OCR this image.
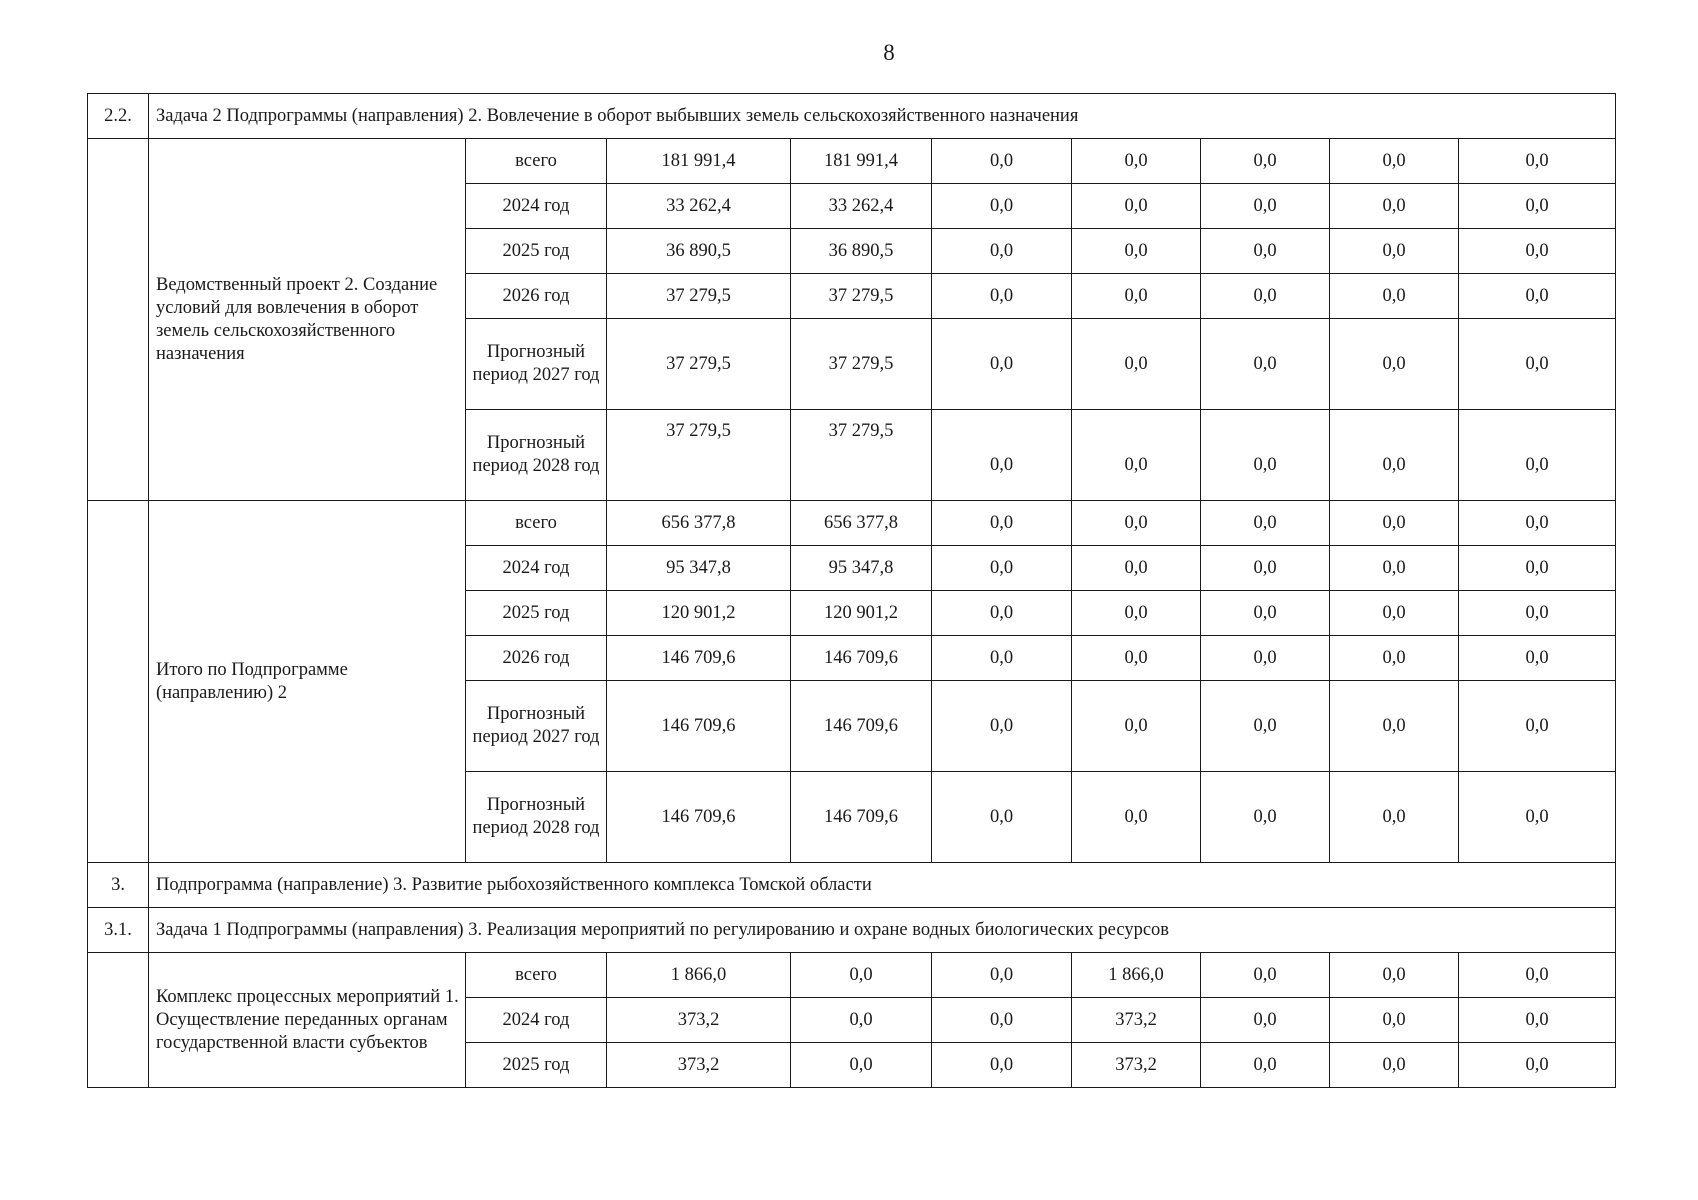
8
2.2.	Задача 2 Подпрограммы (направления) 2. Вовлечение в оборот выбывших земель сельскохозяйственного назначения								
	Ведомственный проект 2. Создание условий для вовлечения в оборот земель сельскохозяйственного назначения	всего	181 991,4	181 991,4	0,0	0,0	0,0	0,0	0,0
		2024 год	33 262,4	33 262,4	0,0	0,0	0,0	0,0	0,0
		2025 год	36 890,5	36 890,5	0,0	0,0	0,0	0,0	0,0
		2026 год	37 279,5	37 279,5	0,0	0,0	0,0	0,0	0,0
		Прогнозный период 2027 год	37 279,5	37 279,5	0,0	0,0	0,0	0,0	0,0
		Прогнозный период 2028 год	37 279,5	37 279,5	0,0	0,0	0,0	0,0	0,0
	Итого по Подпрограмме (направлению) 2	всего	656 377,8	656 377,8	0,0	0,0	0,0	0,0	0,0
		2024 год	95 347,8	95 347,8	0,0	0,0	0,0	0,0	0,0
		2025 год	120 901,2	120 901,2	0,0	0,0	0,0	0,0	0,0
		2026 год	146 709,6	146 709,6	0,0	0,0	0,0	0,0	0,0
		Прогнозный период 2027 год	146 709,6	146 709,6	0,0	0,0	0,0	0,0	0,0
		Прогнозный период 2028 год	146 709,6	146 709,6	0,0	0,0	0,0	0,0	0,0
3.	Подпрограмма (направление) 3. Развитие рыбохозяйственного комплекса Томской области								
3.1.	Задача 1 Подпрограммы (направления) 3. Реализация мероприятий по регулированию и охране водных биологических ресурсов								
	Комплекс процессных мероприятий 1. Осуществление переданных органам государственной власти субъектов	всего	1 866,0	0,0	0,0	1 866,0	0,0	0,0	0,0
		2024 год	373,2	0,0	0,0	373,2	0,0	0,0	0,0
		2025 год	373,2	0,0	0,0	373,2	0,0	0,0	0,0
